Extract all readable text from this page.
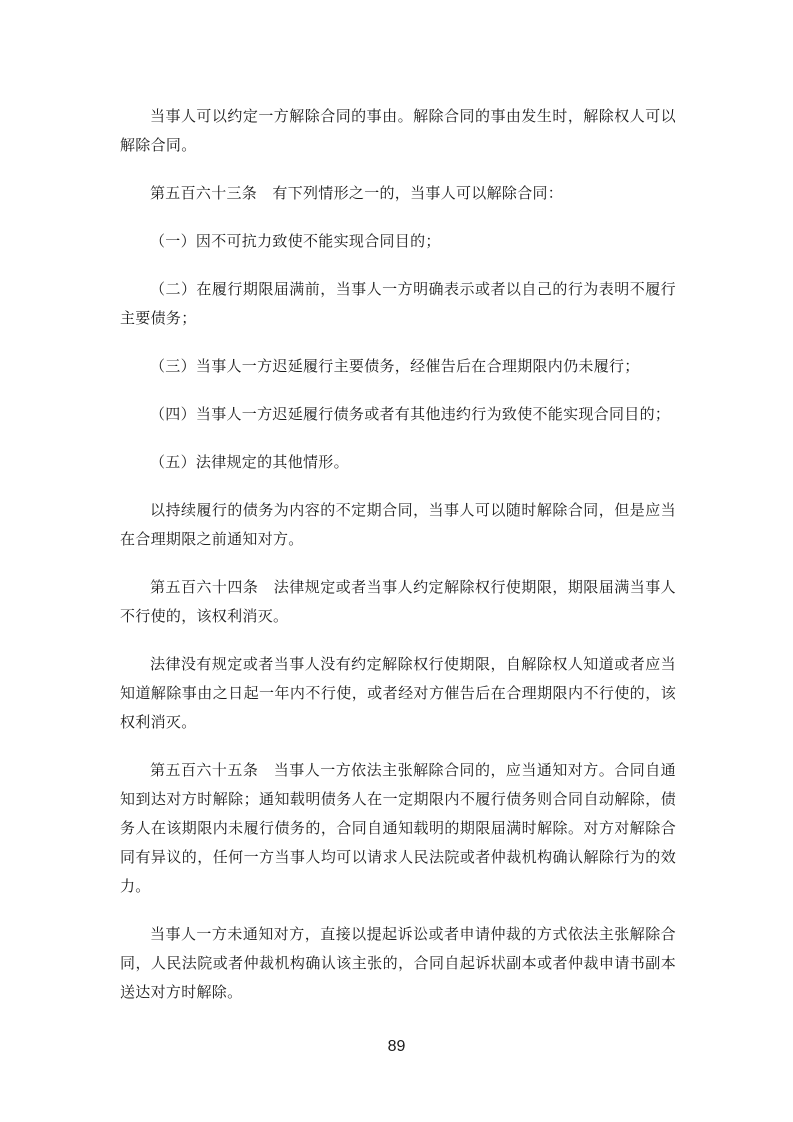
当事人可以约定一方解除合同的事由。解除合同的事由发生时，解除权人可以解除合同。

第五百六十三条　有下列情形之一的，当事人可以解除合同：

（一）因不可抗力致使不能实现合同目的；

（二）在履行期限届满前，当事人一方明确表示或者以自己的行为表明不履行主要债务；

（三）当事人一方迟延履行主要债务，经催告后在合理期限内仍未履行；

（四）当事人一方迟延履行债务或者有其他违约行为致使不能实现合同目的；

（五）法律规定的其他情形。

以持续履行的债务为内容的不定期合同，当事人可以随时解除合同，但是应当在合理期限之前通知对方。

第五百六十四条　法律规定或者当事人约定解除权行使期限，期限届满当事人不行使的，该权利消灭。

法律没有规定或者当事人没有约定解除权行使期限，自解除权人知道或者应当知道解除事由之日起一年内不行使，或者经对方催告后在合理期限内不行使的，该权利消灭。

第五百六十五条　当事人一方依法主张解除合同的，应当通知对方。合同自通知到达对方时解除；通知载明债务人在一定期限内不履行债务则合同自动解除，债务人在该期限内未履行债务的，合同自通知载明的期限届满时解除。对方对解除合同有异议的，任何一方当事人均可以请求人民法院或者仲裁机构确认解除行为的效力。

当事人一方未通知对方，直接以提起诉讼或者申请仲裁的方式依法主张解除合同，人民法院或者仲裁机构确认该主张的，合同自起诉状副本或者仲裁申请书副本送达对方时解除。

89
